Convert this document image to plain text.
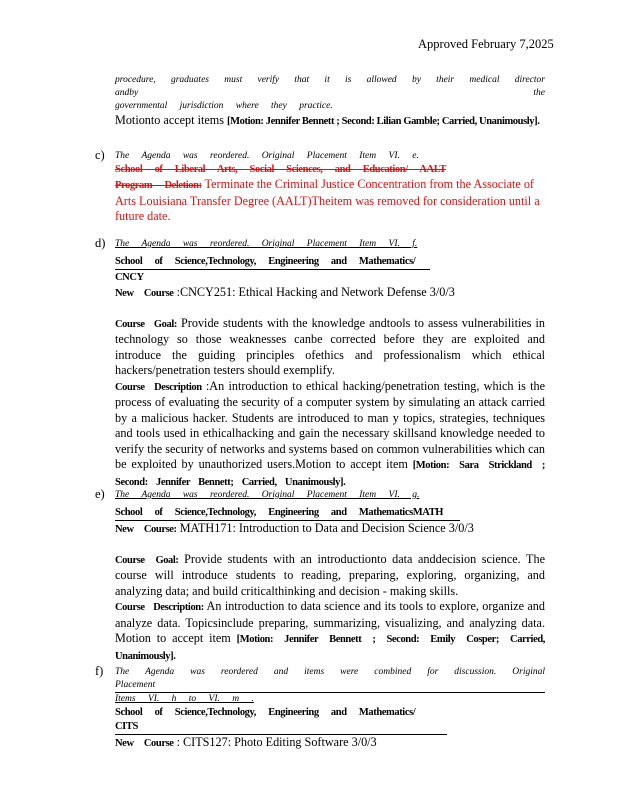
Approved February 7,2025

procedure, graduates must verify that it is allowed by their medical director andby the

governmental jurisdiction where they practice.

Motionto accept items [Motion: Jennifer Bennett ; Second: Lilian Gamble; Carried, Unanimously].

c) The Agenda was reordered. Original Placement Item VI. e.

School of Liberal Arts, Social Sciences, and Education/ AALT

Program Deletion: Terminate the Criminal Justice Concentration from the Associate of Arts Louisiana Transfer Degree (AALT)Theitem was removed for consideration until a future date.

d) The Agenda was reordered. Original Placement Item VI. f.

School of Science,Technology, Engineering and Mathematics/

CNCY

New Course :CNCY251: Ethical Hacking and Network Defense 3/0/3

Course Goal: Provide students with the knowledge andtools to assess vulnerabilities in technology so those weaknesses canbe corrected before they are exploited and introduce the guiding principles ofethics and professionalism which ethical hackers/penetration testers should exemplify.

Course Description :An introduction to ethical hacking/penetration testing, which is the process of evaluating the security of a computer system by simulating an attack carried by a malicious hacker. Students are introduced to man y topics, strategies, techniques and tools used in ethicalhacking and gain the necessary skillsand knowledge needed to verify the security of networks and systems based on common vulnerabilities which can be exploited by unauthorized users.Motion to accept item [Motion: Sara Strickland ; Second: Jennifer Bennett; Carried, Unanimously].

e) The Agenda was reordered. Original Placement Item VI. g.

School of Science,Technology, Engineering and MathematicsMATH

New Course: MATH171: Introduction to Data and Decision Science 3/0/3

Course Goal: Provide students with an introductionto data anddecision science. The course will introduce students to reading, preparing, exploring, organizing, and analyzing data; and build criticalthinking and decision - making skills.

Course Description: An introduction to data science and its tools to explore, organize and analyze data. Topicsinclude preparing, summarizing, visualizing, and analyzing data. Motion to accept item [Motion: Jennifer Bennett ; Second: Emily Cosper; Carried, Unanimously].

f) The Agenda was reordered and items were combined for discussion. Original Placement

Items VI. h to VI. m .

School of Science,Technology, Engineering and Mathematics/ CITS

New Course : CITS127: Photo Editing Software 3/0/3
